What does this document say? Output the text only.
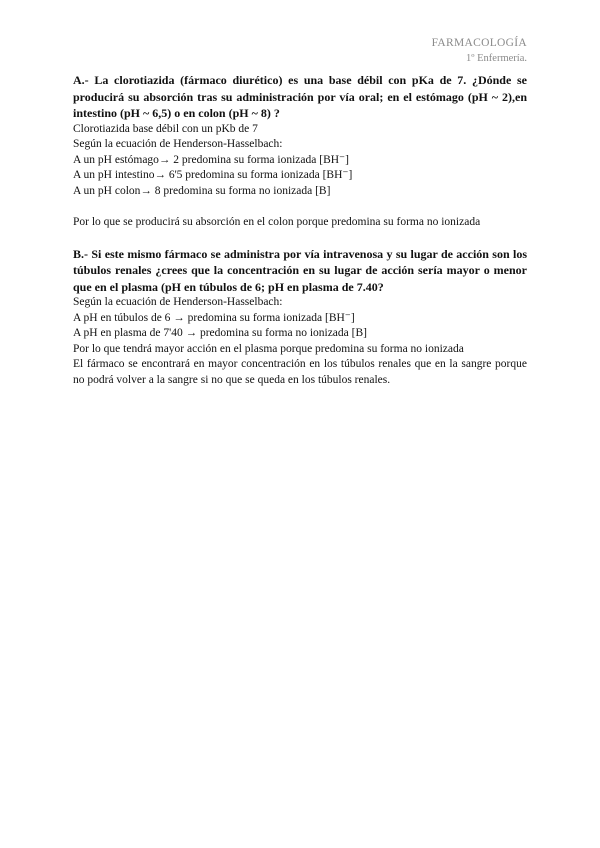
FARMACOLOGÍA
1º Enfermería.

A.- La clorotiazida (fármaco diurético) es una base débil con pKa de 7. ¿Dónde se producirá su absorción tras su administración por vía oral; en el estómago (pH ~ 2),en intestino (pH ~ 6,5) o en colon (pH ~ 8) ?

Clorotiazida base débil con un pKb de 7

Según la ecuación de Henderson-Hasselbach:

A un pH estómago→ 2 predomina su forma ionizada [BH⁻]

A un pH intestino→ 6'5 predomina su forma ionizada [BH⁻]

A un pH colon→ 8 predomina su forma no ionizada [B]

Por lo que se producirá su absorción en el colon porque predomina su forma no ionizada

B.- Si este mismo fármaco se administra por vía intravenosa y su lugar de acción son los túbulos renales ¿crees que la concentración en su lugar de acción sería mayor o menor que en el plasma (pH en túbulos de 6; pH en plasma de 7.40?

Según la ecuación de Henderson-Hasselbach:

A pH en túbulos de 6 → predomina su forma ionizada [BH⁻]

A pH en plasma de 7'40 → predomina su forma no ionizada [B]

Por lo que tendrá mayor acción en el plasma porque predomina su forma no ionizada

El fármaco se encontrará en mayor concentración en los túbulos renales que en la sangre porque no podrá volver a la sangre si no que se queda en los túbulos renales.
